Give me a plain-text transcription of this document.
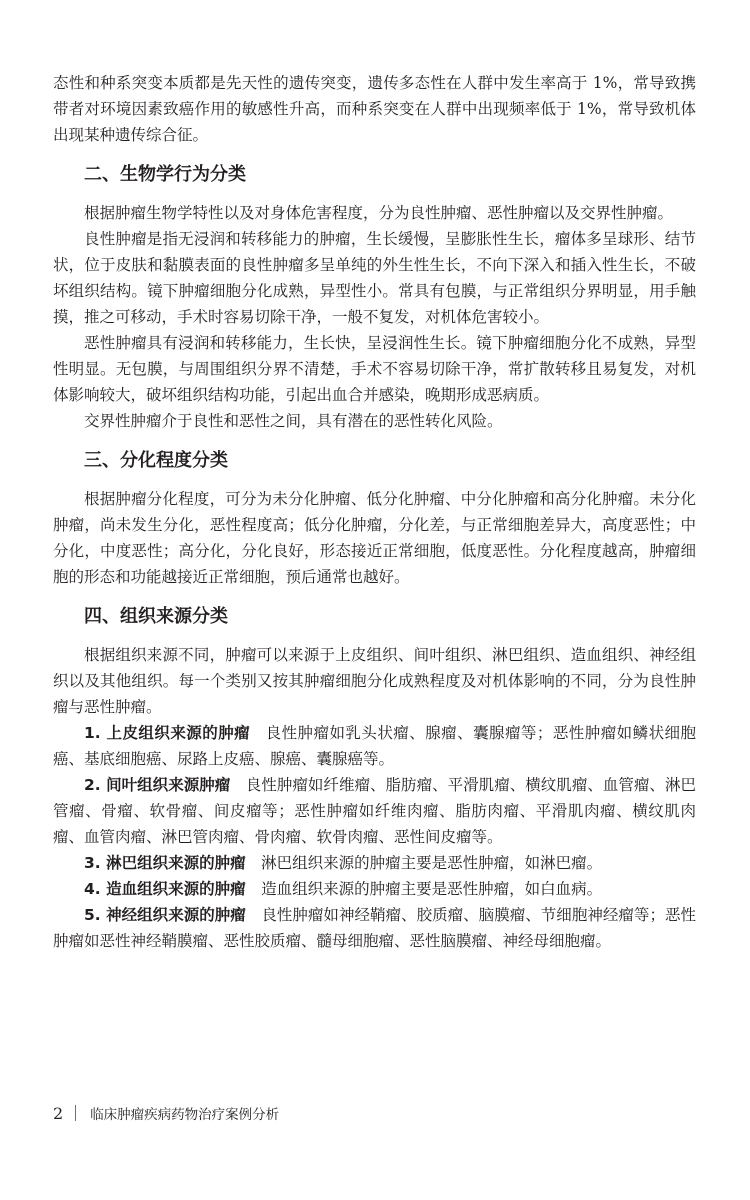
态性和种系突变本质都是先天性的遗传突变，遗传多态性在人群中发生率高于 1%，常导致携带者对环境因素致癌作用的敏感性升高，而种系突变在人群中出现频率低于 1%，常导致机体出现某种遗传综合征。

二、生物学行为分类

根据肿瘤生物学特性以及对身体危害程度，分为良性肿瘤、恶性肿瘤以及交界性肿瘤。

良性肿瘤是指无浸润和转移能力的肿瘤，生长缓慢，呈膨胀性生长，瘤体多呈球形、结节状，位于皮肤和黏膜表面的良性肿瘤多呈单纯的外生性生长，不向下深入和插入性生长，不破坏组织结构。镜下肿瘤细胞分化成熟，异型性小。常具有包膜，与正常组织分界明显，用手触摸，推之可移动，手术时容易切除干净，一般不复发，对机体危害较小。

恶性肿瘤具有浸润和转移能力，生长快，呈浸润性生长。镜下肿瘤细胞分化不成熟，异型性明显。无包膜，与周围组织分界不清楚，手术不容易切除干净，常扩散转移且易复发，对机体影响较大，破坏组织结构功能，引起出血合并感染，晚期形成恶病质。

交界性肿瘤介于良性和恶性之间，具有潜在的恶性转化风险。

三、分化程度分类

根据肿瘤分化程度，可分为未分化肿瘤、低分化肿瘤、中分化肿瘤和高分化肿瘤。未分化肿瘤，尚未发生分化，恶性程度高；低分化肿瘤，分化差，与正常细胞差异大，高度恶性；中分化，中度恶性；高分化，分化良好，形态接近正常细胞，低度恶性。分化程度越高，肿瘤细胞的形态和功能越接近正常细胞，预后通常也越好。

四、组织来源分类

根据组织来源不同，肿瘤可以来源于上皮组织、间叶组织、淋巴组织、造血组织、神经组织以及其他组织。每一个类别又按其肿瘤细胞分化成熟程度及对机体影响的不同，分为良性肿瘤与恶性肿瘤。

1. 上皮组织来源的肿瘤 良性肿瘤如乳头状瘤、腺瘤、囊腺瘤等；恶性肿瘤如鳞状细胞癌、基底细胞癌、尿路上皮癌、腺癌、囊腺癌等。

2. 间叶组织来源肿瘤 良性肿瘤如纤维瘤、脂肪瘤、平滑肌瘤、横纹肌瘤、血管瘤、淋巴管瘤、骨瘤、软骨瘤、间皮瘤等；恶性肿瘤如纤维肉瘤、脂肪肉瘤、平滑肌肉瘤、横纹肌肉瘤、血管肉瘤、淋巴管肉瘤、骨肉瘤、软骨肉瘤、恶性间皮瘤等。

3. 淋巴组织来源的肿瘤 淋巴组织来源的肿瘤主要是恶性肿瘤，如淋巴瘤。

4. 造血组织来源的肿瘤 造血组织来源的肿瘤主要是恶性肿瘤，如白血病。

5. 神经组织来源的肿瘤 良性肿瘤如神经鞘瘤、胶质瘤、脑膜瘤、节细胞神经瘤等；恶性肿瘤如恶性神经鞘膜瘤、恶性胶质瘤、髓母细胞瘤、恶性脑膜瘤、神经母细胞瘤。

2 临床肿瘤疾病药物治疗案例分析
